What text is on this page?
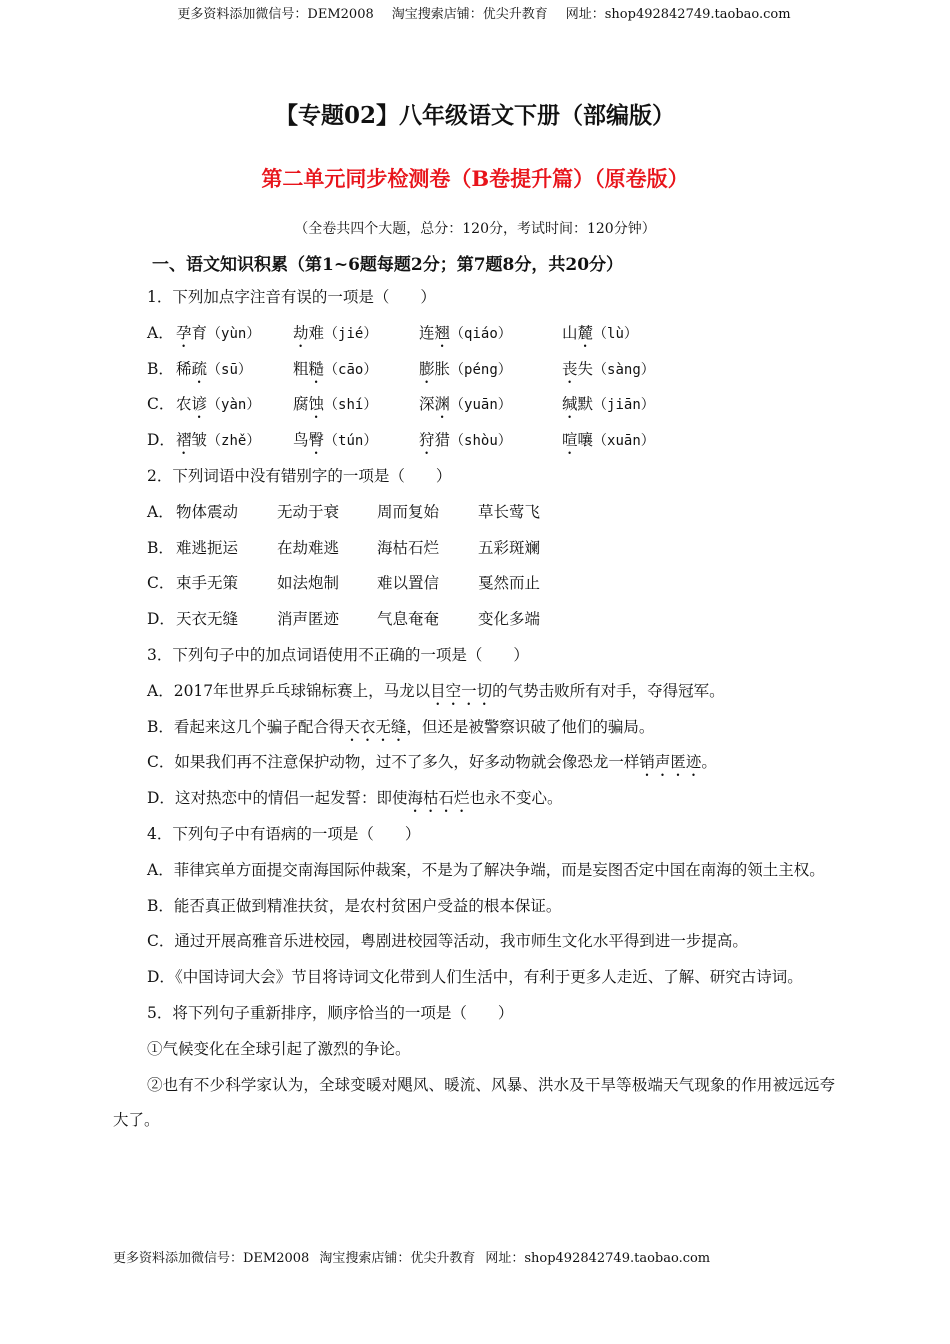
更多资料添加微信号：DEM2008 淘宝搜索店铺：优尖升教育 网址：shop492842749.taobao.com
【专题02】八年级语文下册（部编版）
第二单元同步检测卷（B卷提升篇）（原卷版）
（全卷共四个大题，总分：120分，考试时间：120分钟）
一、语文知识积累（第1~6题每题2分；第7题8分，共20分）
1．下列加点字注音有误的一项是（　　）
A． 孕育（yùn） 劫难（jié）	连翘（qiáo）	山麓（lù）
B． 稀疏（sū）	粗糙（cāo）	膨胀（péng）	丧失（sàng）
C． 农谚（yàn） 腐蚀（shí）	深渊（yuān）	缄默（jiān）
D． 褶皱（zhě） 鸟臀（tún）	狩猎（shòu）	喧嚷（xuān）
2．下列词语中没有错别字的一项是（　　）
A． 物体震动	无动于衰 周而复始	草长莺飞
B． 难逃扼运	在劫难逃 海枯石烂	五彩斑斓
C． 束手无策	如法炮制 难以置信	戛然而止
D． 天衣无缝	消声匿迹 气息奄奄	变化多端
3．下列句子中的加点词语使用不正确的一项是（　　）
A．2017年世界乒乓球锦标赛上，马龙以目空一切的气势击败所有对手，夺得冠军。
B．看起来这几个骗子配合得天衣无缝，但还是被警察识破了他们的骗局。
C．如果我们再不注意保护动物，过不了多久，好多动物就会像恐龙一样销声匿迹。
D．这对热恋中的情侣一起发誓：即使海枯石烂也永不变心。
4．下列句子中有语病的一项是（　　）
A．菲律宾单方面提交南海国际仲裁案，不是为了解决争端，而是妄图否定中国在南海的领土主权。
B．能否真正做到精准扶贫，是农村贫困户受益的根本保证。
C．通过开展高雅音乐进校园，粤剧进校园等活动，我市师生文化水平得到进一步提高。
D．《中国诗词大会》节目将诗词文化带到人们生活中，有利于更多人走近、了解、研究古诗词。
5．将下列句子重新排序，顺序恰当的一项是（　　）
①气候变化在全球引起了激烈的争论。
②也有不少科学家认为，全球变暖对飓风、暖流、风暴、洪水及干旱等极端天气现象的作用被远远夸大了。
更多资料添加微信号：DEM2008 淘宝搜索店铺：优尖升教育 网址：shop492842749.taobao.com
